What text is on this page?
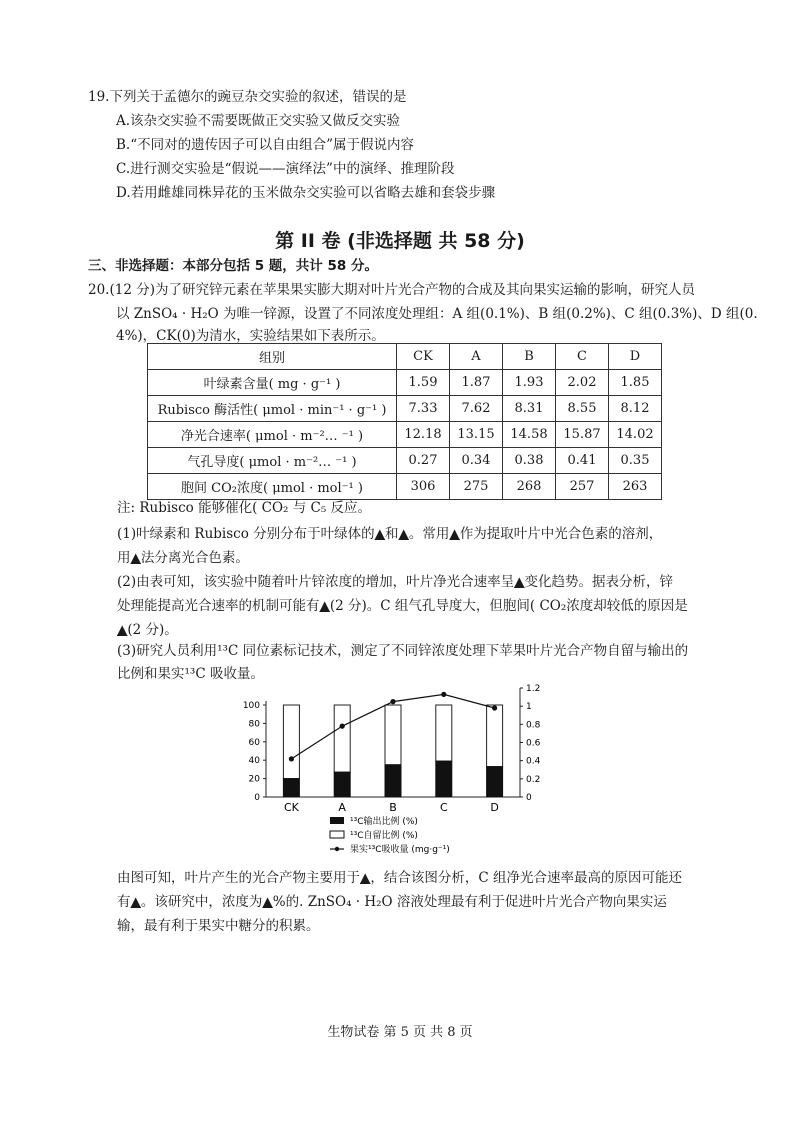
19.下列关于孟德尔的豌豆杂交实验的叙述，错误的是
A.该杂交实验不需要既做正交实验又做反交实验
B.“不同对的遗传因子可以自由组合”属于假说内容
C.进行测交实验是“假说——演绎法”中的演绎、推理阶段
D.若用雌雄同株异花的玉米做杂交实验可以省略去雄和套袋步骤
第 II 卷 (非选择题 共 58 分)
三、非选择题：本部分包括 5 题，共计 58 分。
20.(12 分)为了研究锌元素在苹果果实膨大期对叶片光合产物的合成及其向果实运输的影响，研究人员
以 ZnSO₄ · H₂O 为唯一锌源，设置了不同浓度处理组：A 组(0.1%)、B 组(0.2%)、C 组(0.3%)、D 组(0.
4%)，CK(0)为清水，实验结果如下表所示。
组别	CK	A	B	C	D
叶绿素含量( mg · g⁻¹ )	1.59	1.87	1.93	2.02	1.85
Rubisco 酶活性( μmol · min⁻¹ · g⁻¹ )	7.33	7.62	8.31	8.55	8.12
净光合速率( μmol · m⁻²… ⁻¹ )	12.18	13.15	14.58	15.87	14.02
气孔导度( μmol · m⁻²… ⁻¹ )	0.27	0.34	0.38	0.41	0.35
胞间 CO₂浓度( μmol · mol⁻¹ )	306	275	268	257	263
注: Rubisco 能够催化( CO₂ 与 C₅ 反应。
(1)叶绿素和 Rubisco 分别分布于叶绿体的▲和▲。常用▲作为提取叶片中光合色素的溶剂，
用▲法分离光合色素。
(2)由表可知，该实验中随着叶片锌浓度的增加，叶片净光合速率呈▲变化趋势。据表分析，锌
处理能提高光合速率的机制可能有▲(2 分)。C 组气孔导度大，但胞间( CO₂浓度却较低的原因是
▲(2 分)。
(3)研究人员利用¹³C 同位素标记技术，测定了不同锌浓度处理下苹果叶片光合产物自留与输出的
比例和果实¹³C 吸收量。
0
20
40
60
80
100
0
0.2
0.4
0.6
0.8
1
1.2
CK	A	B	C	D
¹³C输出比例 (%)
¹³C自留比例 (%)
果实¹³C吸收量 (mg·g⁻¹)
由图可知，叶片产生的光合产物主要用于▲，结合该图分析，C 组净光合速率最高的原因可能还
有▲。该研究中，浓度为▲%的. ZnSO₄ · H₂O 溶液处理最有利于促进叶片光合产物向果实运
输，最有利于果实中糖分的积累。
生物试卷 第 5 页 共 8 页
